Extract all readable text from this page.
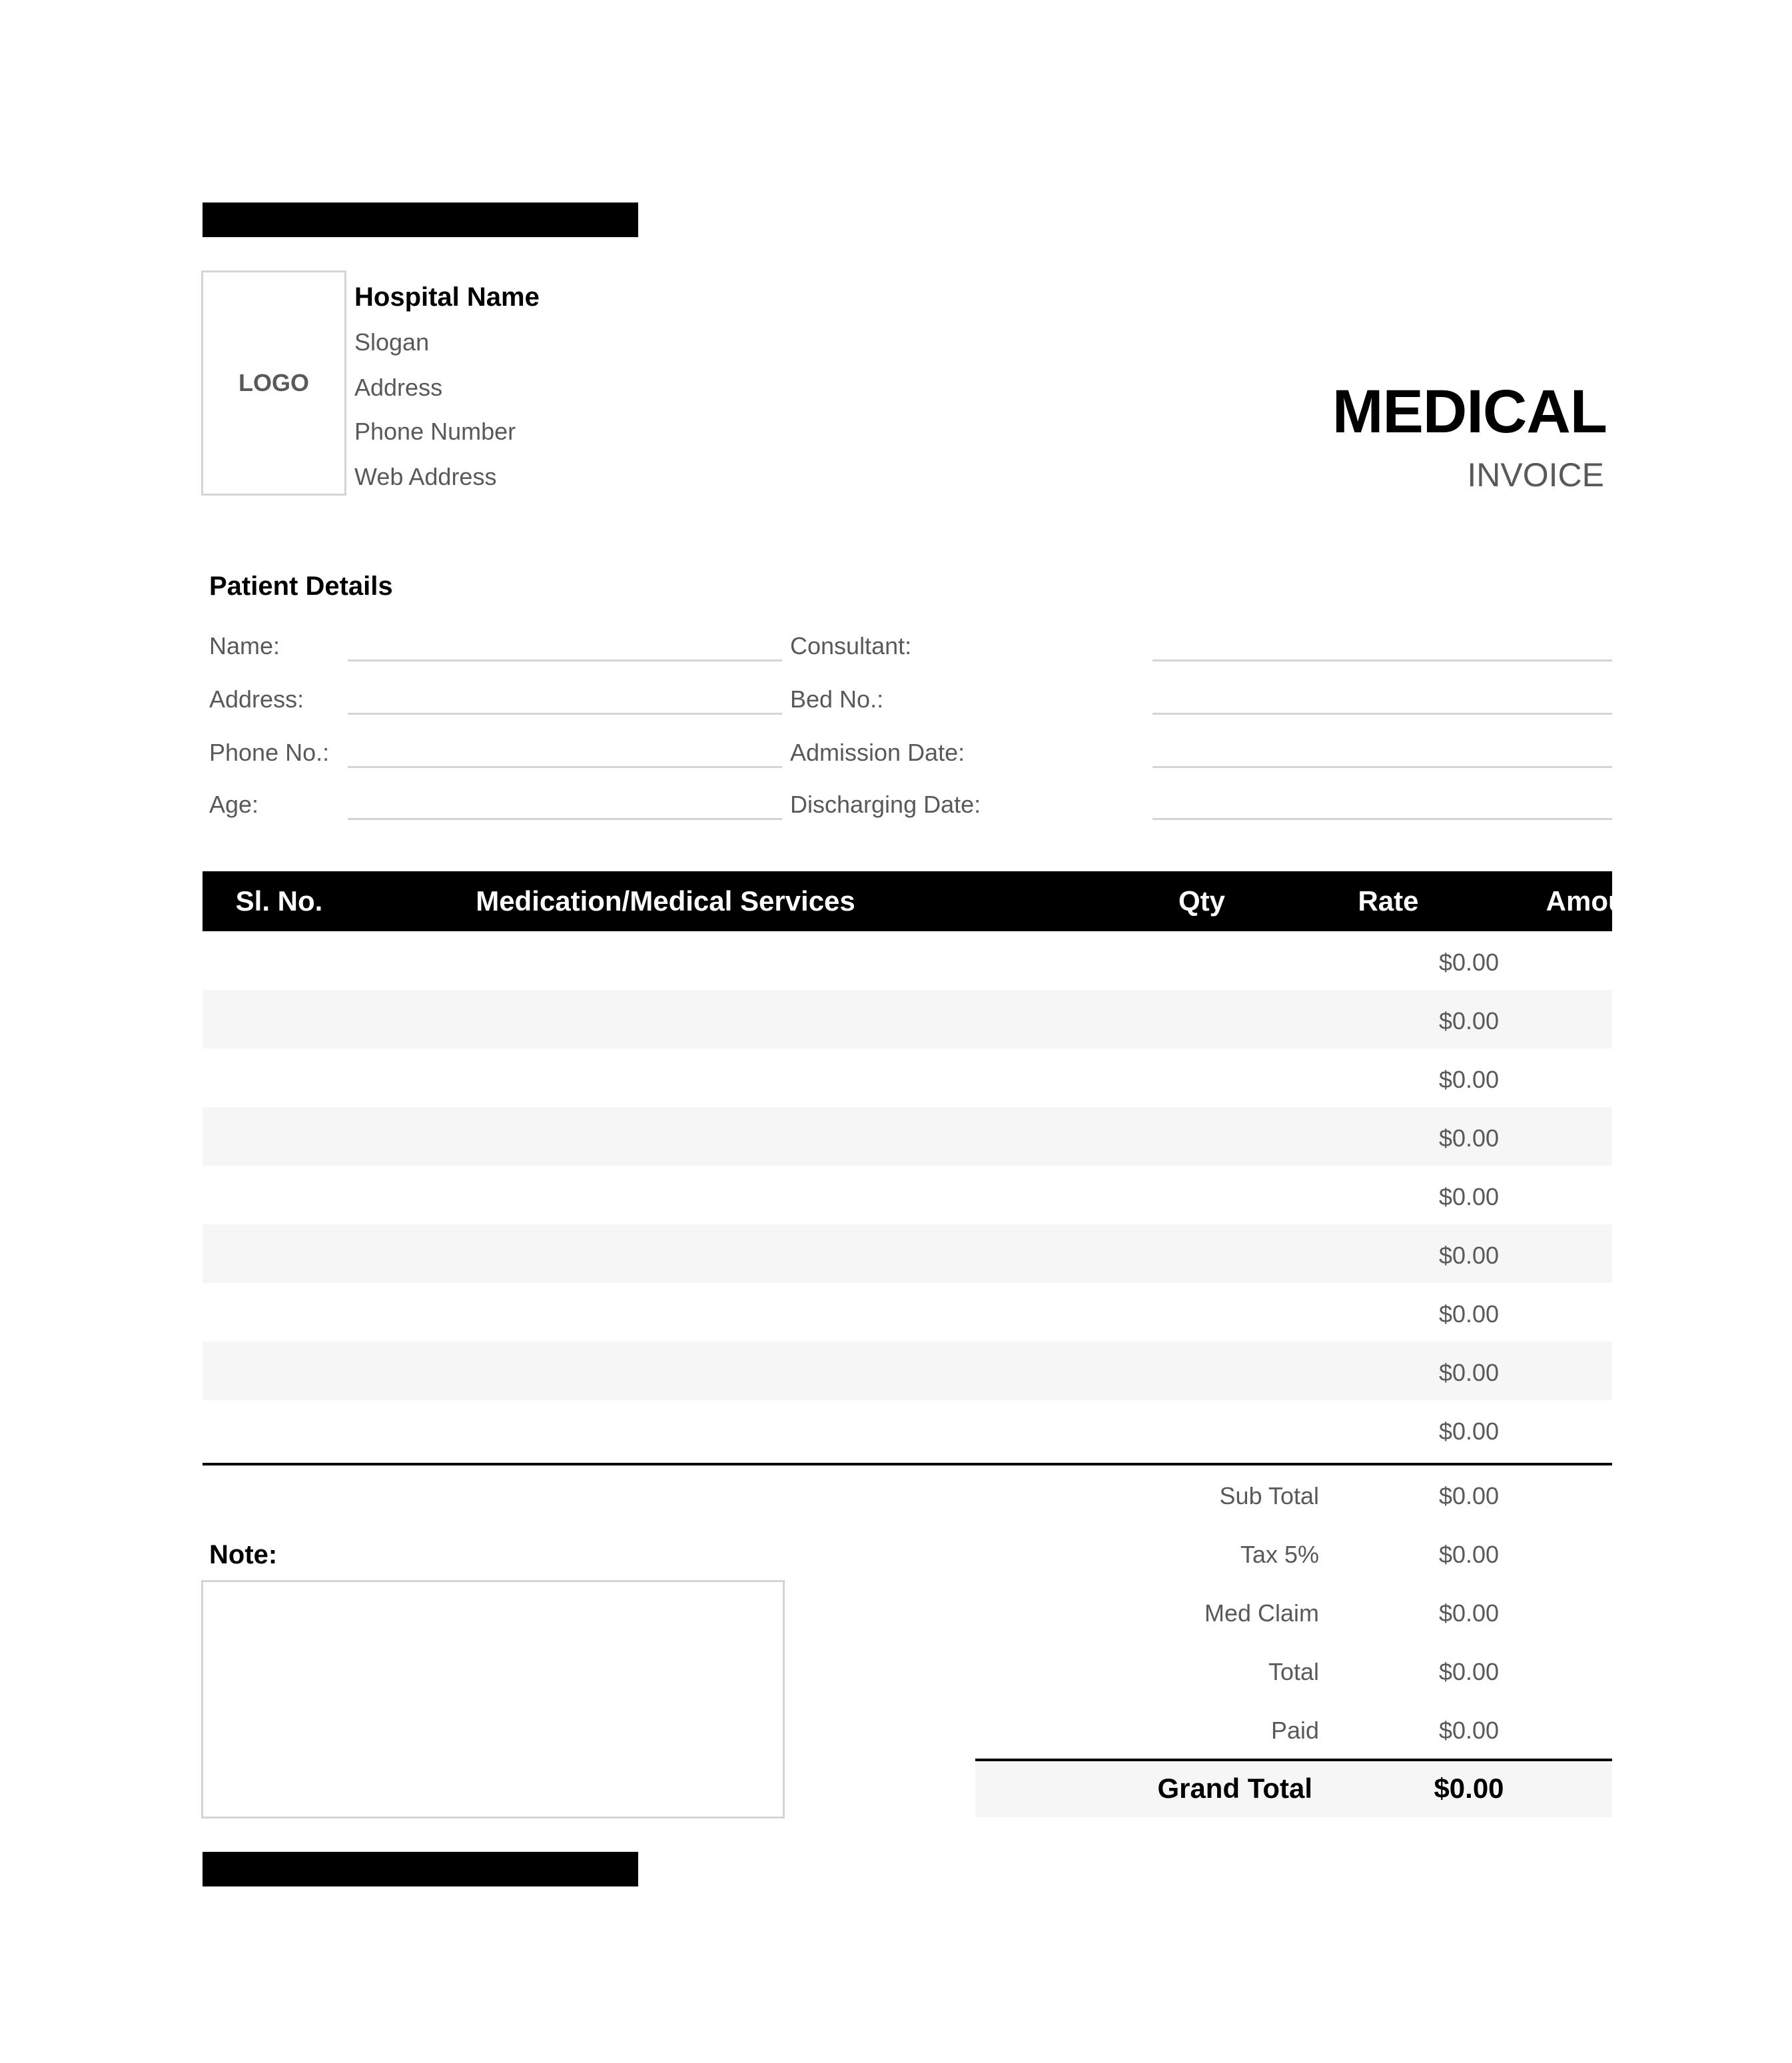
LOGO
Hospital Name
Slogan
Address
Phone Number
Web Address
MEDICAL
INVOICE
Patient Details
Name:
Address:
Phone No.:
Age:
Consultant:
Bed No.:
Admission Date:
Discharging Date:
Sl. No.	Medication/Medical Services	Qty	Rate	Amount
$0.00
$0.00
$0.00
$0.00
$0.00
$0.00
$0.00
$0.00
$0.00
Sub Total	$0.00
Tax 5%	$0.00
Med Claim	$0.00
Total	$0.00
Paid	$0.00
Grand Total	$0.00
Note:
